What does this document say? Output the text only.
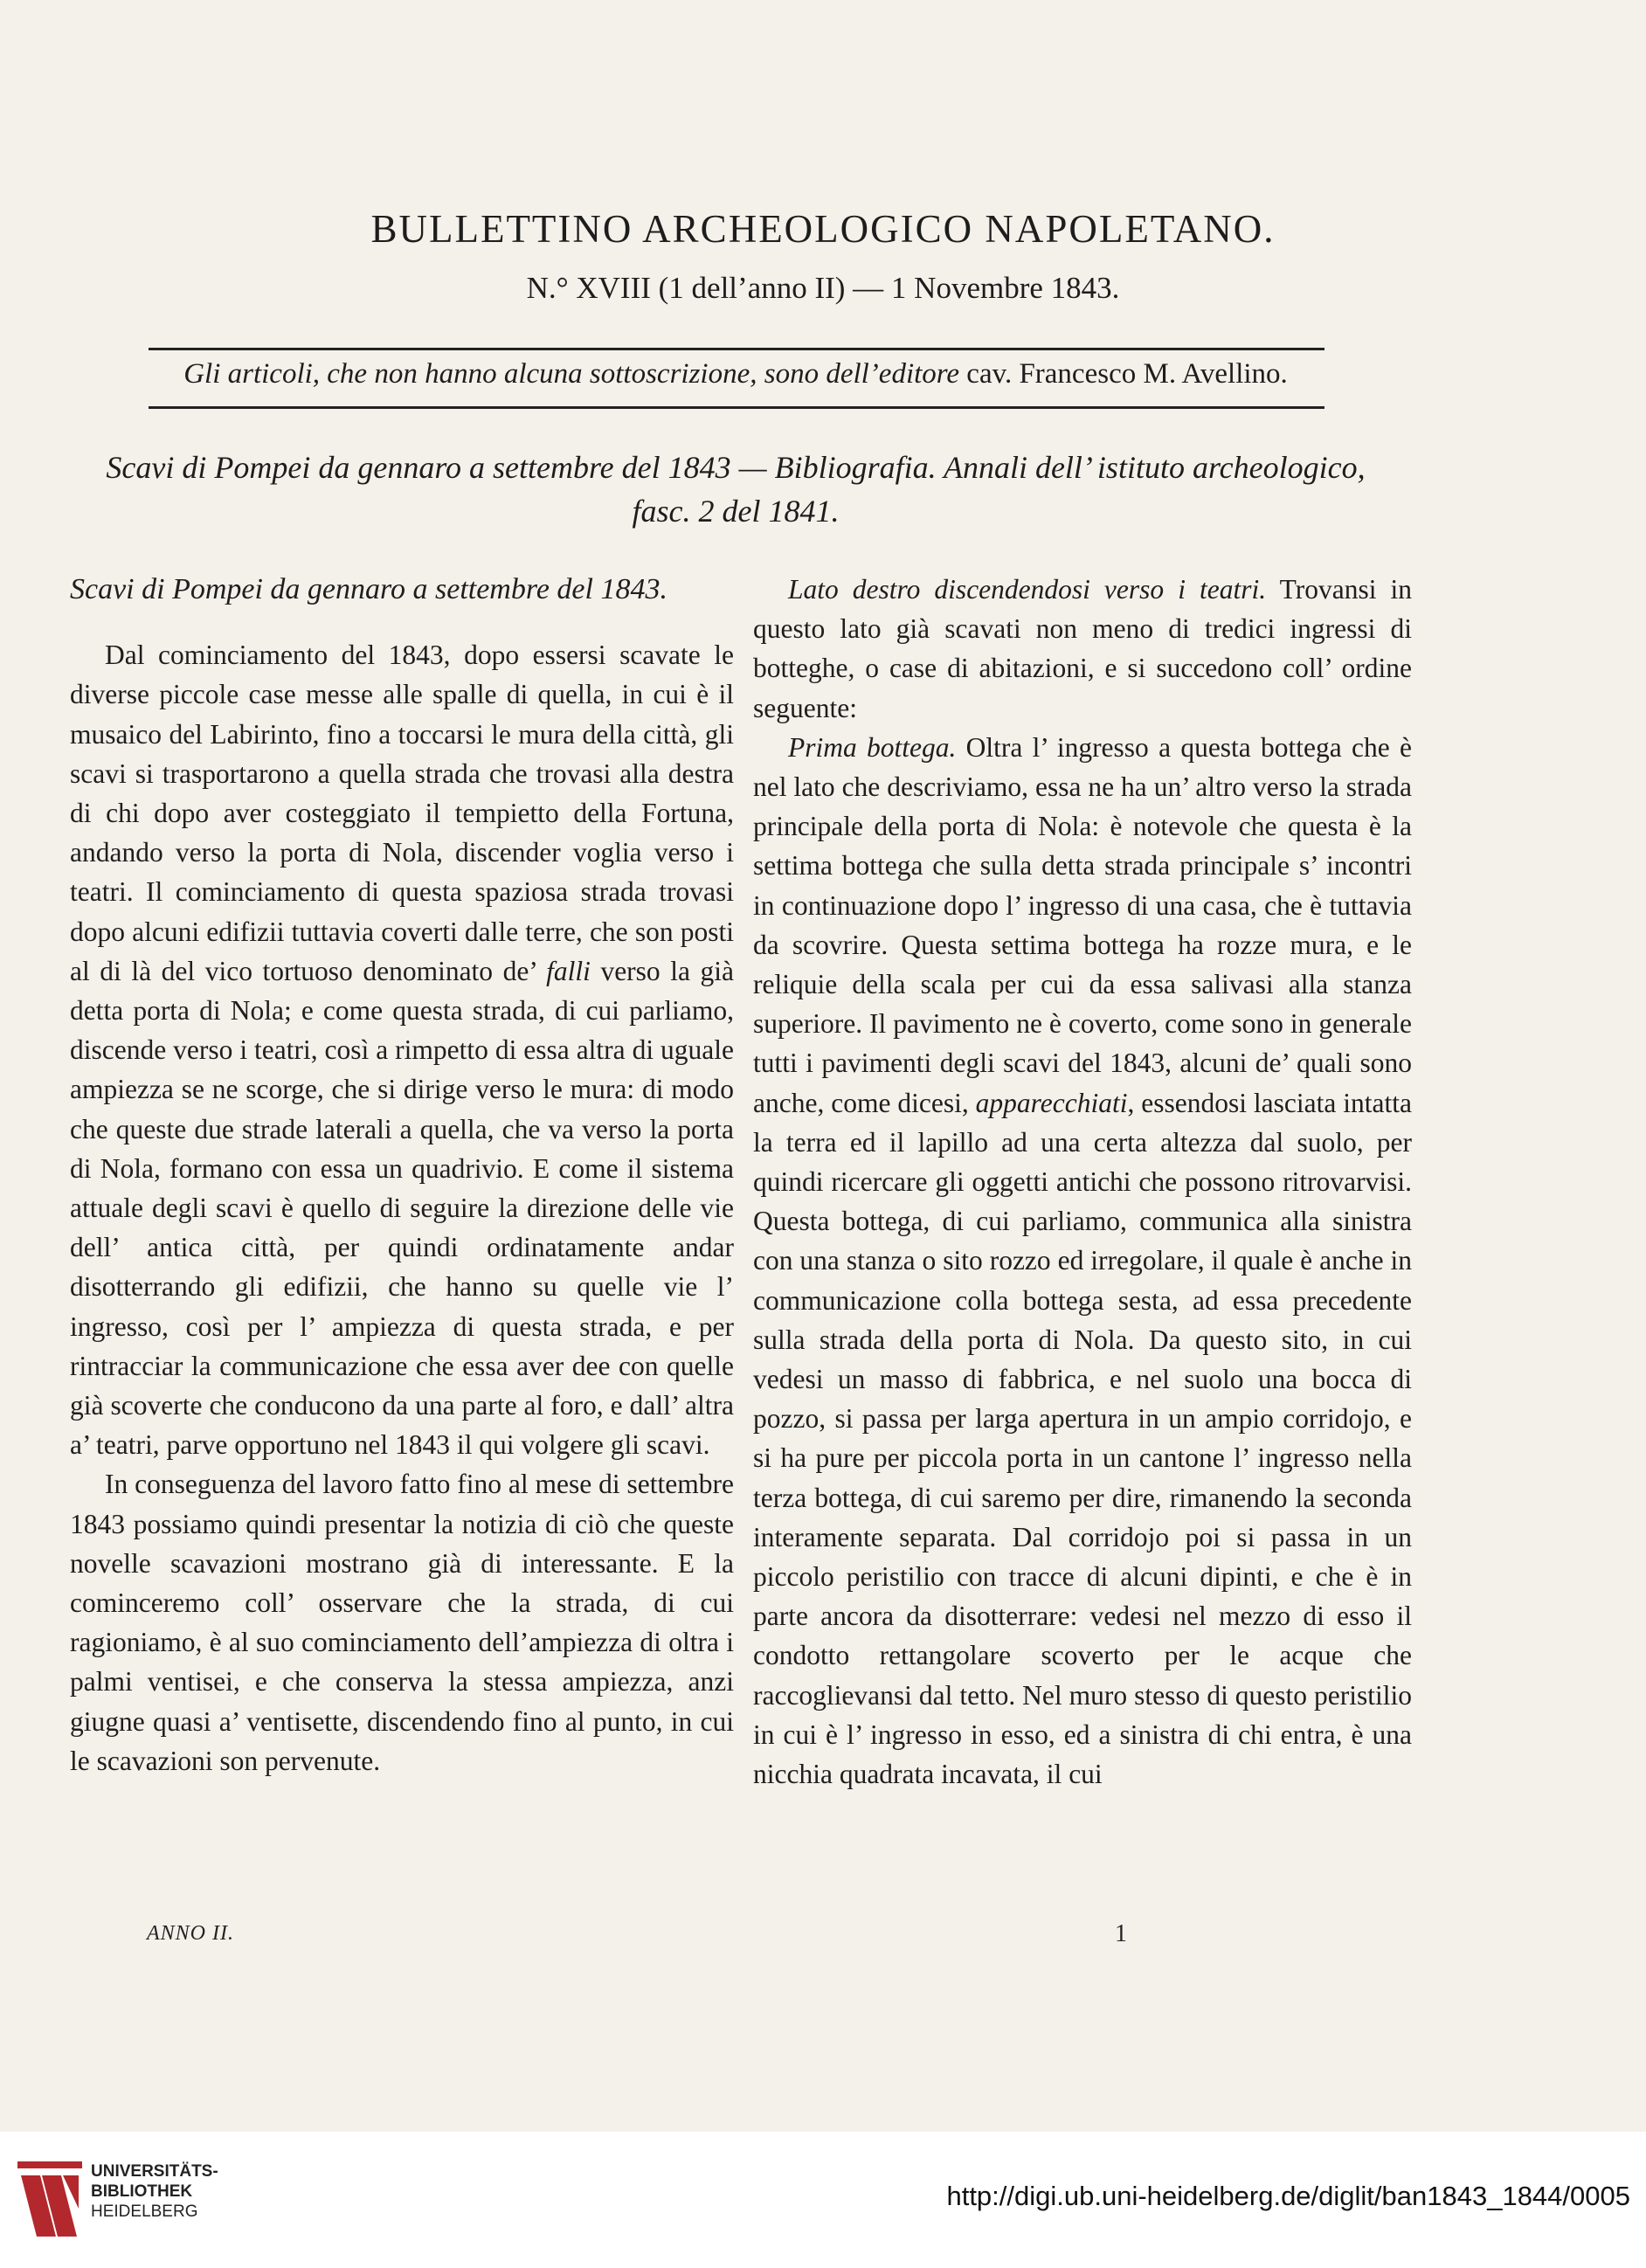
BULLETTINO ARCHEOLOGICO NAPOLETANO.
N.° XVIII (1 dell’anno II) — 1 Novembre 1843.
Gli articoli, che non hanno alcuna sottoscrizione, sono dell’editore cav. Francesco M. Avellino.
Scavi di Pompei da gennaro a settembre del 1843 — Bibliografia. Annali dell’ istituto archeologico,
fasc. 2 del 1841.

Scavi di Pompei da gennaro a settembre del 1843.

Dal cominciamento del 1843, dopo essersi scavate le diverse piccole case messe alle spalle di quella, in cui è il musaico del Labirinto, fino a toccarsi le mura della città, gli scavi si trasportarono a quella strada che trovasi alla destra di chi dopo aver costeggiato il tempietto della Fortuna, andando verso la porta di Nola, discender voglia verso i teatri. Il cominciamento di questa spaziosa strada trovasi dopo alcuni edifizii tuttavia coverti dalle terre, che son posti al di là del vico tortuoso denominato de’ falli verso la già detta porta di Nola; e come questa strada, di cui parliamo, discende verso i teatri, così a rimpetto di essa altra di uguale ampiezza se ne scorge, che si dirige verso le mura: di modo che queste due strade laterali a quella, che va verso la porta di Nola, formano con essa un quadrivio. E come il sistema attuale degli scavi è quello di seguire la direzione delle vie dell’ antica città, per quindi ordinatamente andar disotterrando gli edifizii, che hanno su quelle vie l’ ingresso, così per l’ ampiezza di questa strada, e per rintracciar la communicazione che essa aver dee con quelle già scoverte che conducono da una parte al foro, e dall’ altra a’ teatri, parve opportuno nel 1843 il qui volgere gli scavi.

In conseguenza del lavoro fatto fino al mese di settembre 1843 possiamo quindi presentar la notizia di ciò che queste novelle scavazioni mostrano già di interessante. E la cominceremo coll’ osservare che la strada, di cui ragioniamo, è al suo cominciamento dell’ampiezza di oltra i palmi ventisei, e che conserva la stessa ampiezza, anzi giugne quasi a’ ventisette, discendendo fino al punto, in cui le scavazioni son pervenute.

Lato destro discendendosi verso i teatri. Trovansi in questo lato già scavati non meno di tredici ingressi di botteghe, o case di abitazioni, e si succedono coll’ ordine seguente:

Prima bottega. Oltra l’ ingresso a questa bottega che è nel lato che descriviamo, essa ne ha un’ altro verso la strada principale della porta di Nola: è notevole che questa è la settima bottega che sulla detta strada principale s’ incontri in continuazione dopo l’ ingresso di una casa, che è tuttavia da scovrire. Questa settima bottega ha rozze mura, e le reliquie della scala per cui da essa salivasi alla stanza superiore. Il pavimento ne è coverto, come sono in generale tutti i pavimenti degli scavi del 1843, alcuni de’ quali sono anche, come dicesi, apparecchiati, essendosi lasciata intatta la terra ed il lapillo ad una certa altezza dal suolo, per quindi ricercare gli oggetti antichi che possono ritrovarvisi. Questa bottega, di cui parliamo, communica alla sinistra con una stanza o sito rozzo ed irregolare, il quale è anche in communicazione colla bottega sesta, ad essa precedente sulla strada della porta di Nola. Da questo sito, in cui vedesi un masso di fabbrica, e nel suolo una bocca di pozzo, si passa per larga apertura in un ampio corridojo, e si ha pure per piccola porta in un cantone l’ ingresso nella terza bottega, di cui saremo per dire, rimanendo la seconda interamente separata. Dal corridojo poi si passa in un piccolo peristilio con tracce di alcuni dipinti, e che è in parte ancora da disotterrare: vedesi nel mezzo di esso il condotto rettangolare scoverto per le acque che raccoglievansi dal tetto. Nel muro stesso di questo peristilio in cui è l’ ingresso in esso, ed a sinistra di chi entra, è una nicchia quadrata incavata, il cui

ANNO II.	1
UNIVERSITÄTS-
BIBLIOTHEK
HEIDELBERG
http://digi.ub.uni-heidelberg.de/diglit/ban1843_1844/0005
